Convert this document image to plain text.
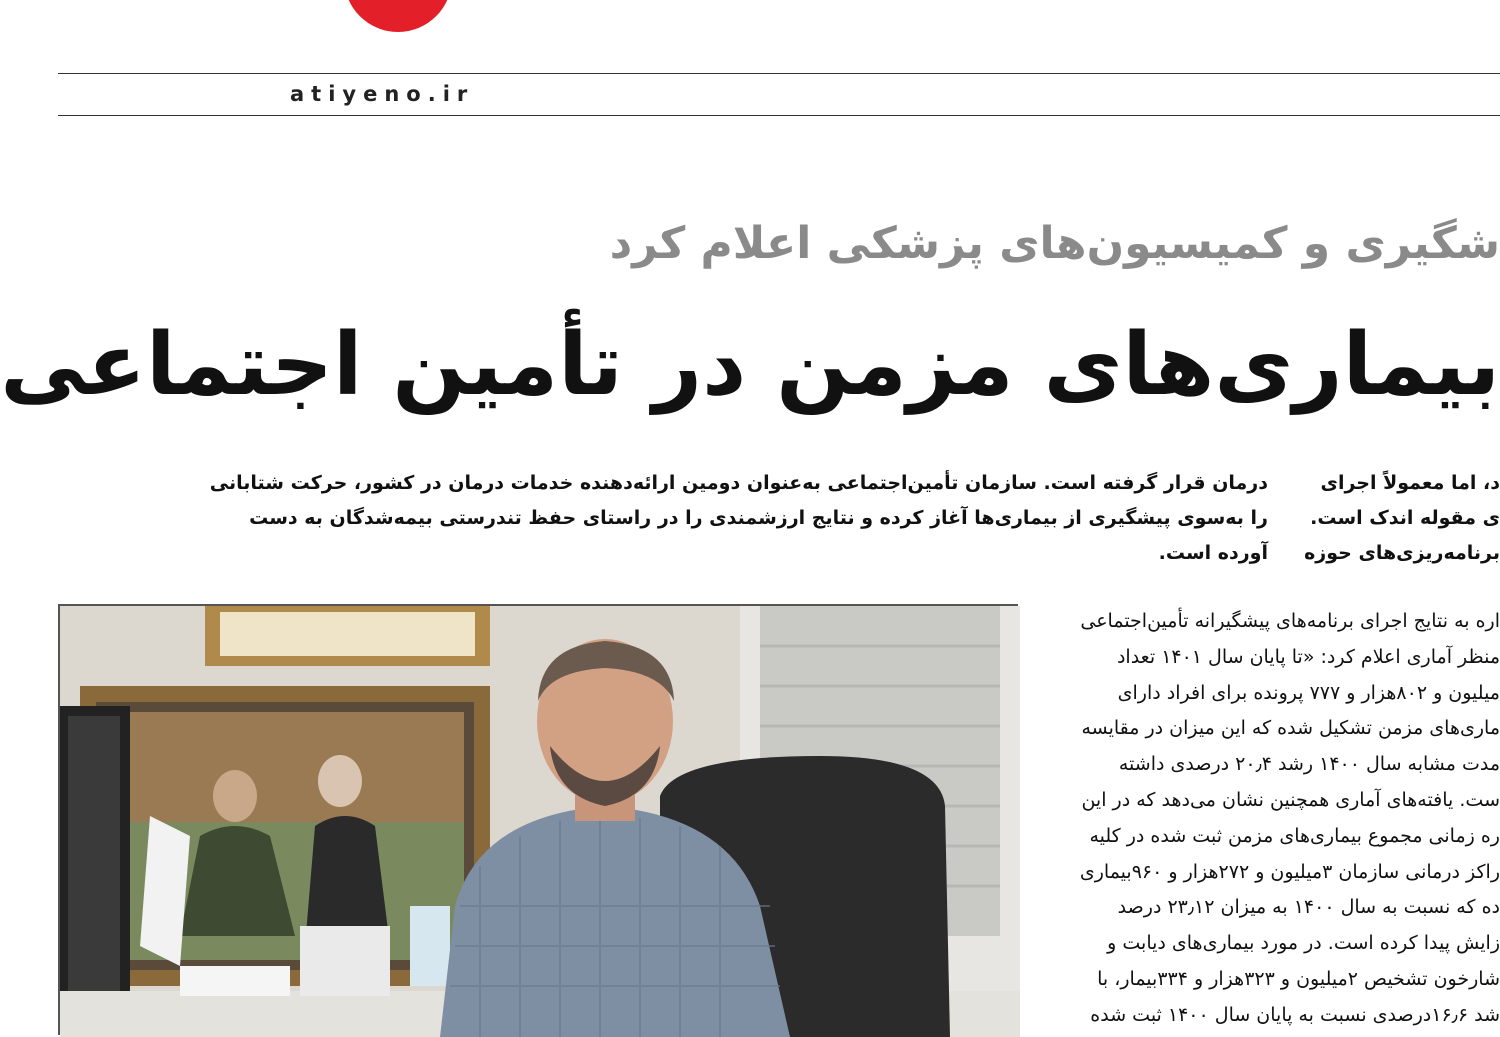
atiyeno.ir
شگیری و کمیسیون‌های پزشکی اعلام کرد
بیماری‌های مزمن در تأمین اجتماعی
د، اما معمولاً اجرای
ی مقوله اندک است.
برنامه‌ریزی‌های حوزه
درمان قرار گرفته است. سازمان تأمین‌اجتماعی به‌عنوان دومین ارائه‌دهنده خدمات درمان در کشور، حرکت شتابانی
را به‌سوی پیشگیری از بیماری‌ها آغاز کرده و نتایج ارزشمندی را در راستای حفظ تندرستی بیمه‌شدگان به دست
آورده است.
اره به نتایج اجرای برنامه‌های پیشگیرانه تأمین‌اجتماعی
منظر آماری اعلام کرد: «تا پایان سال ۱۴۰۱ تعداد
میلیون و ۸۰۲هزار و ۷۷۷ پرونده برای افراد دارای
ماری‌های مزمن تشکیل شده که این میزان در مقایسه
مدت مشابه سال ۱۴۰۰ رشد ۲۰٫۴ درصدی داشته
ست. یافته‌های آماری همچنین نشان می‌دهد که در این
ره زمانی مجموع بیماری‌های مزمن ثبت شده در کلیه
راکز درمانی سازمان ۳میلیون و ۲۷۲هزار و ۹۶۰بیماری
ده که نسبت به سال ۱۴۰۰ به میزان ۲۳٫۱۲ درصد
زایش پیدا کرده است. در مورد بیماری‌های دیابت و
شارخون تشخیص ۲میلیون و ۳۲۳هزار و ۳۳۴بیمار، با
شد ۱۶٫۶درصدی نسبت به پایان سال ۱۴۰۰ ثبت شده
